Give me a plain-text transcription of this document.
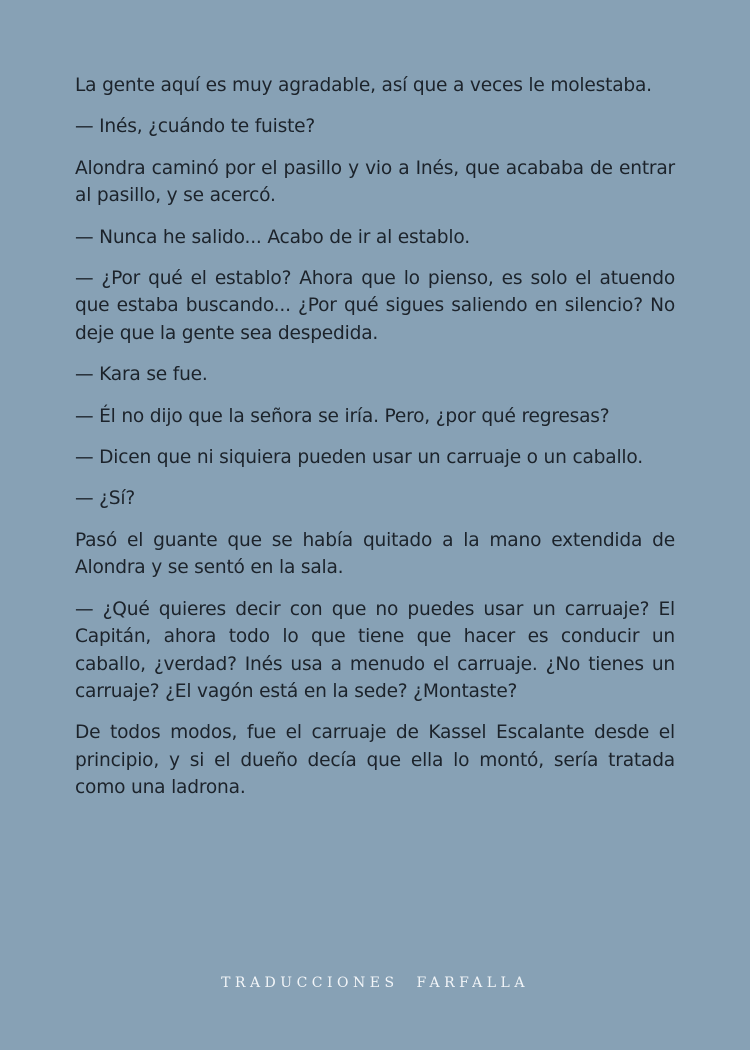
La gente aquí es muy agradable, así que a veces le molestaba.

— Inés, ¿cuándo te fuiste?

Alondra caminó por el pasillo y vio a Inés, que acababa de entrar al pasillo, y se acercó.

— Nunca he salido... Acabo de ir al establo.

— ¿Por qué el establo? Ahora que lo pienso, es solo el atuendo que estaba buscando... ¿Por qué sigues saliendo en silencio? No deje que la gente sea despedida.

— Kara se fue.

— Él no dijo que la señora se iría. Pero, ¿por qué regresas?

— Dicen que ni siquiera pueden usar un carruaje o un caballo.

— ¿Sí?

Pasó el guante que se había quitado a la mano extendida de Alondra y se sentó en la sala.

— ¿Qué quieres decir con que no puedes usar un carruaje? El Capitán, ahora todo lo que tiene que hacer es conducir un caballo, ¿verdad? Inés usa a menudo el carruaje. ¿No tienes un carruaje? ¿El vagón está en la sede? ¿Montaste?

De todos modos, fue el carruaje de Kassel Escalante desde el principio, y si el dueño decía que ella lo montó, sería tratada como una ladrona.

TRADUCCIONES  FARFALLA
